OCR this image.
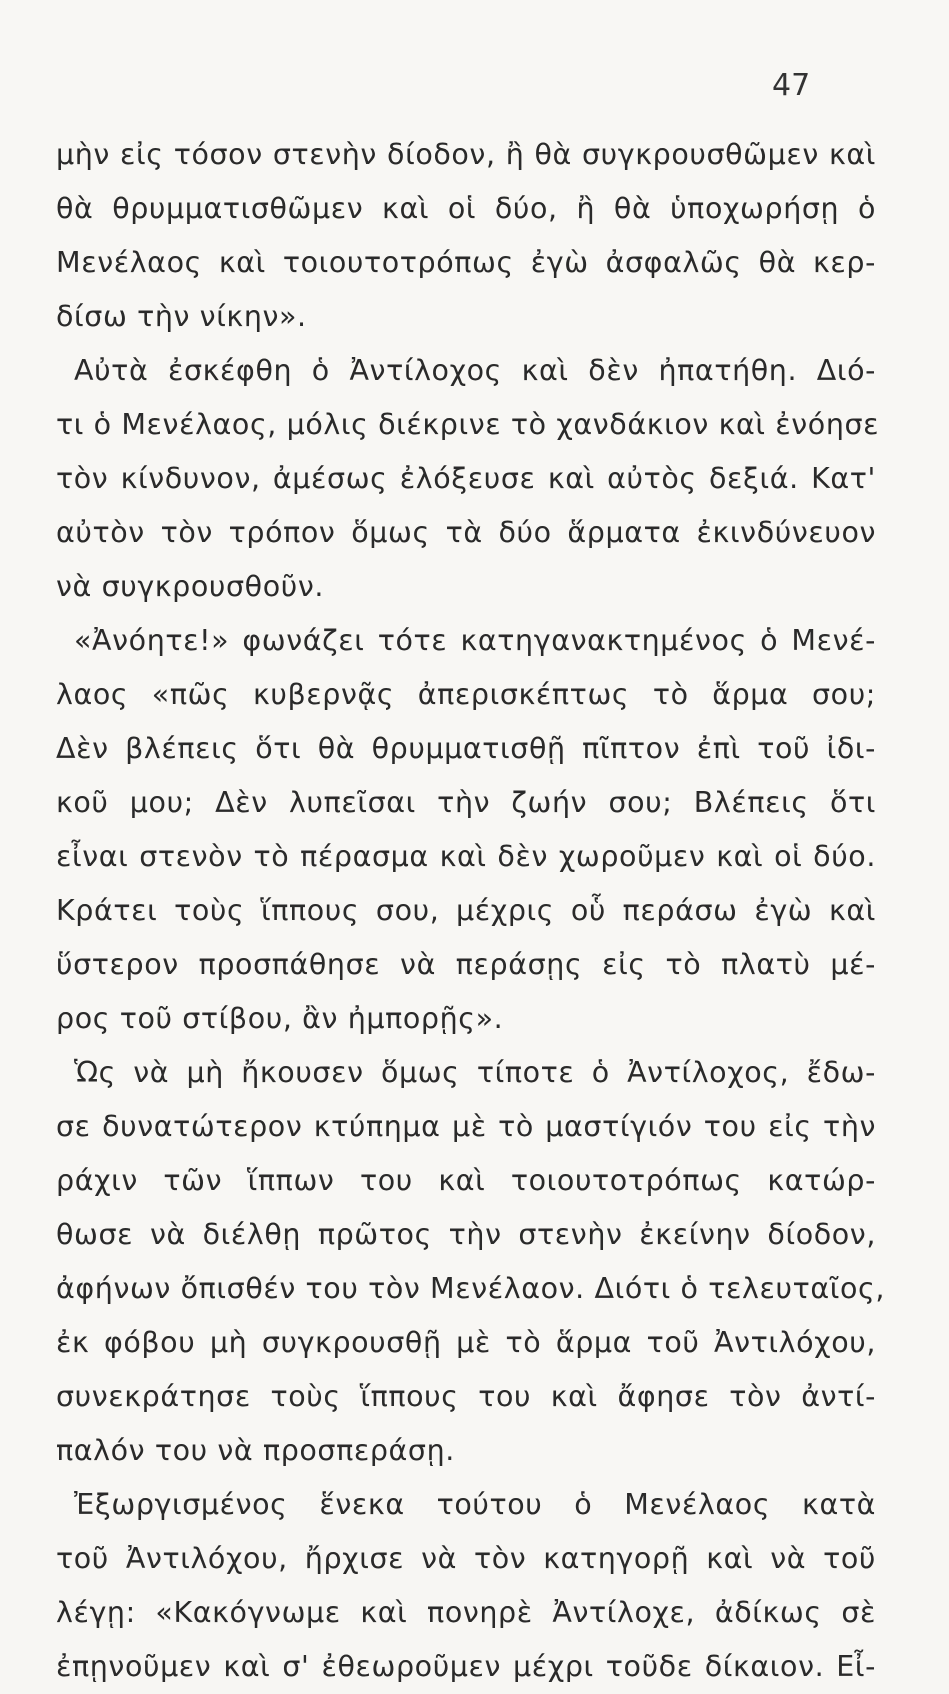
47
μὴν εἰς τόσον στενὴν δίοδον, ἢ θὰ συγκρουσθῶμεν καὶ
θὰ θρυμματισθῶμεν καὶ οἱ δύο, ἢ θὰ ὑποχωρήσῃ ὁ
Μενέλαος καὶ τοιουτοτρόπως ἐγὼ ἀσφαλῶς θὰ κερ-
δίσω τὴν νίκην».
Αὐτὰ ἐσκέφθη ὁ Ἀντίλοχος καὶ δὲν ἠπατήθη. Διό-
τι ὁ Μενέλαος, μόλις διέκρινε τὸ χανδάκιον καὶ ἐνόησε
τὸν κίνδυνον, ἀμέσως ἐλόξευσε καὶ αὐτὸς δεξιά. Κατ'
αὐτὸν τὸν τρόπον ὅμως τὰ δύο ἅρματα ἐκινδύνευον
νὰ συγκρουσθοῦν.
«Ἀνόητε!» φωνάζει τότε κατηγανακτημένος ὁ Μενέ-
λαος «πῶς κυβερνᾷς ἀπερισκέπτως τὸ ἅρμα σου;
Δὲν βλέπεις ὅτι θὰ θρυμματισθῇ πῖπτον ἐπὶ τοῦ ἰδι-
κοῦ μου; Δὲν λυπεῖσαι τὴν ζωήν σου; Βλέπεις ὅτι
εἶναι στενὸν τὸ πέρασμα καὶ δὲν χωροῦμεν καὶ οἱ δύο.
Κράτει τοὺς ἵππους σου, μέχρις οὗ περάσω ἐγὼ καὶ
ὕστερον προσπάθησε νὰ περάσῃς εἰς τὸ πλατὺ μέ-
ρος τοῦ στίβου, ἂν ἠμπορῇς».
Ὡς νὰ μὴ ἤκουσεν ὅμως τίποτε ὁ Ἀντίλοχος, ἔδω-
σε δυνατώτερον κτύπημα μὲ τὸ μαστίγιόν του εἰς τὴν
ράχιν τῶν ἵππων του καὶ τοιουτοτρόπως κατώρ-
θωσε νὰ διέλθῃ πρῶτος τὴν στενὴν ἐκείνην δίοδον,
ἀφήνων ὄπισθέν του τὸν Μενέλαον. Διότι ὁ τελευταῖος,
ἐκ φόβου μὴ συγκρουσθῇ μὲ τὸ ἅρμα τοῦ Ἀντιλόχου,
συνεκράτησε τοὺς ἵππους του καὶ ἄφησε τὸν ἀντί-
παλόν του νὰ προσπεράσῃ.
Ἐξωργισμένος ἕνεκα τούτου ὁ Μενέλαος κατὰ
τοῦ Ἀντιλόχου, ἤρχισε νὰ τὸν κατηγορῇ καὶ νὰ τοῦ
λέγῃ: «Κακόγνωμε καὶ πονηρὲ Ἀντίλοχε, ἀδίκως σὲ
ἐπῃνοῦμεν καὶ σ' ἐθεωροῦμεν μέχρι τοῦδε δίκαιον. Εἶ-
